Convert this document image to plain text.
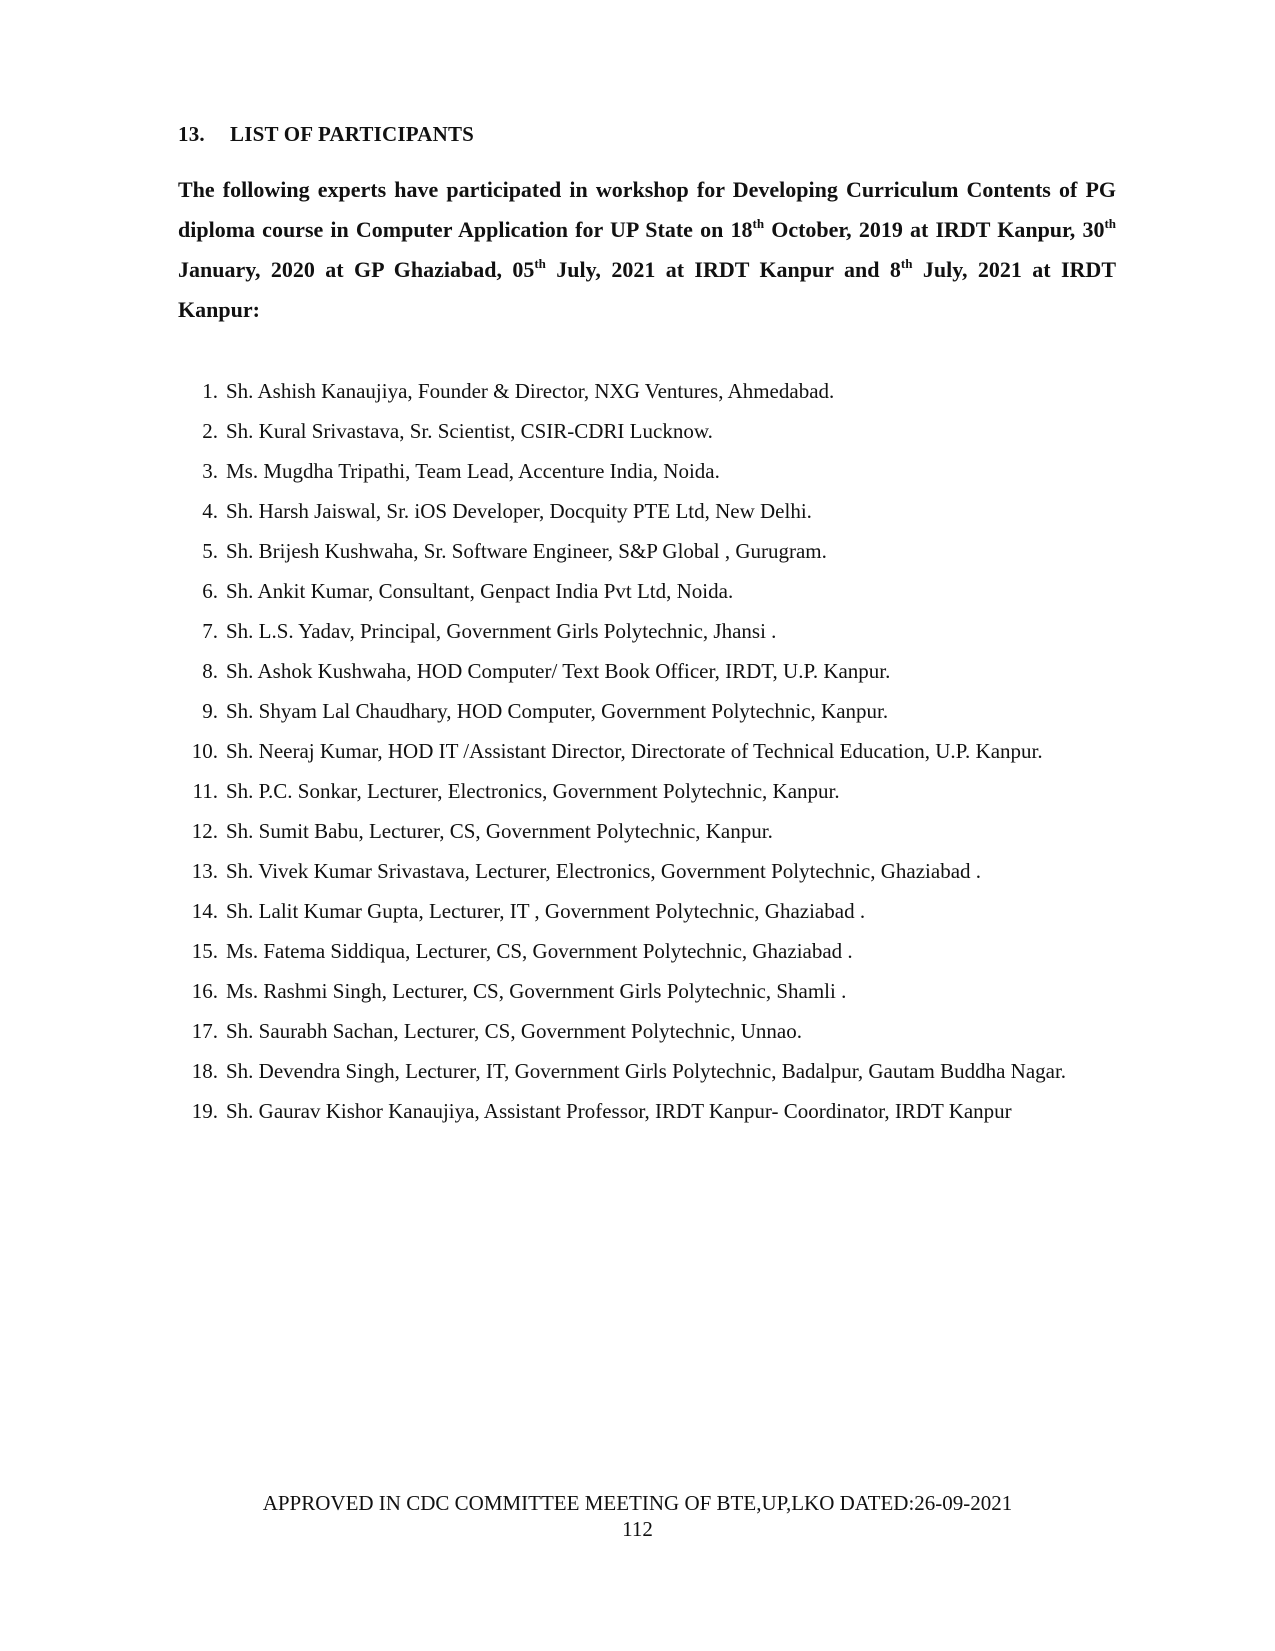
13. LIST OF PARTICIPANTS
The following experts have participated in workshop for Developing Curriculum Contents of PG diploma course in Computer Application for UP State on 18th October, 2019 at IRDT Kanpur, 30th January, 2020 at GP Ghaziabad, 05th July, 2021 at IRDT Kanpur and 8th July, 2021 at IRDT Kanpur:
1. Sh. Ashish Kanaujiya, Founder & Director, NXG Ventures, Ahmedabad.
2. Sh. Kural Srivastava, Sr. Scientist, CSIR-CDRI Lucknow.
3. Ms. Mugdha Tripathi, Team Lead, Accenture India, Noida.
4. Sh. Harsh Jaiswal, Sr. iOS Developer, Docquity PTE Ltd, New Delhi.
5. Sh. Brijesh Kushwaha, Sr. Software Engineer, S&P Global , Gurugram.
6. Sh. Ankit Kumar, Consultant, Genpact India Pvt Ltd, Noida.
7. Sh. L.S. Yadav, Principal, Government Girls Polytechnic, Jhansi .
8. Sh. Ashok Kushwaha, HOD Computer/ Text Book Officer, IRDT, U.P. Kanpur.
9. Sh. Shyam Lal Chaudhary, HOD Computer, Government Polytechnic, Kanpur.
10. Sh. Neeraj Kumar, HOD IT /Assistant Director, Directorate of Technical Education, U.P. Kanpur.
11. Sh. P.C. Sonkar, Lecturer, Electronics, Government Polytechnic, Kanpur.
12. Sh. Sumit Babu, Lecturer, CS, Government Polytechnic, Kanpur.
13. Sh. Vivek Kumar Srivastava, Lecturer, Electronics, Government Polytechnic, Ghaziabad .
14. Sh. Lalit Kumar Gupta, Lecturer, IT , Government Polytechnic, Ghaziabad .
15. Ms. Fatema Siddiqua, Lecturer, CS, Government Polytechnic, Ghaziabad .
16. Ms. Rashmi Singh, Lecturer, CS, Government Girls Polytechnic, Shamli .
17. Sh. Saurabh Sachan, Lecturer, CS, Government Polytechnic, Unnao.
18. Sh. Devendra Singh, Lecturer, IT, Government Girls Polytechnic, Badalpur, Gautam Buddha Nagar.
19. Sh. Gaurav Kishor Kanaujiya, Assistant Professor, IRDT Kanpur- Coordinator, IRDT Kanpur
APPROVED IN CDC COMMITTEE MEETING OF BTE,UP,LKO DATED:26-09-2021
112
